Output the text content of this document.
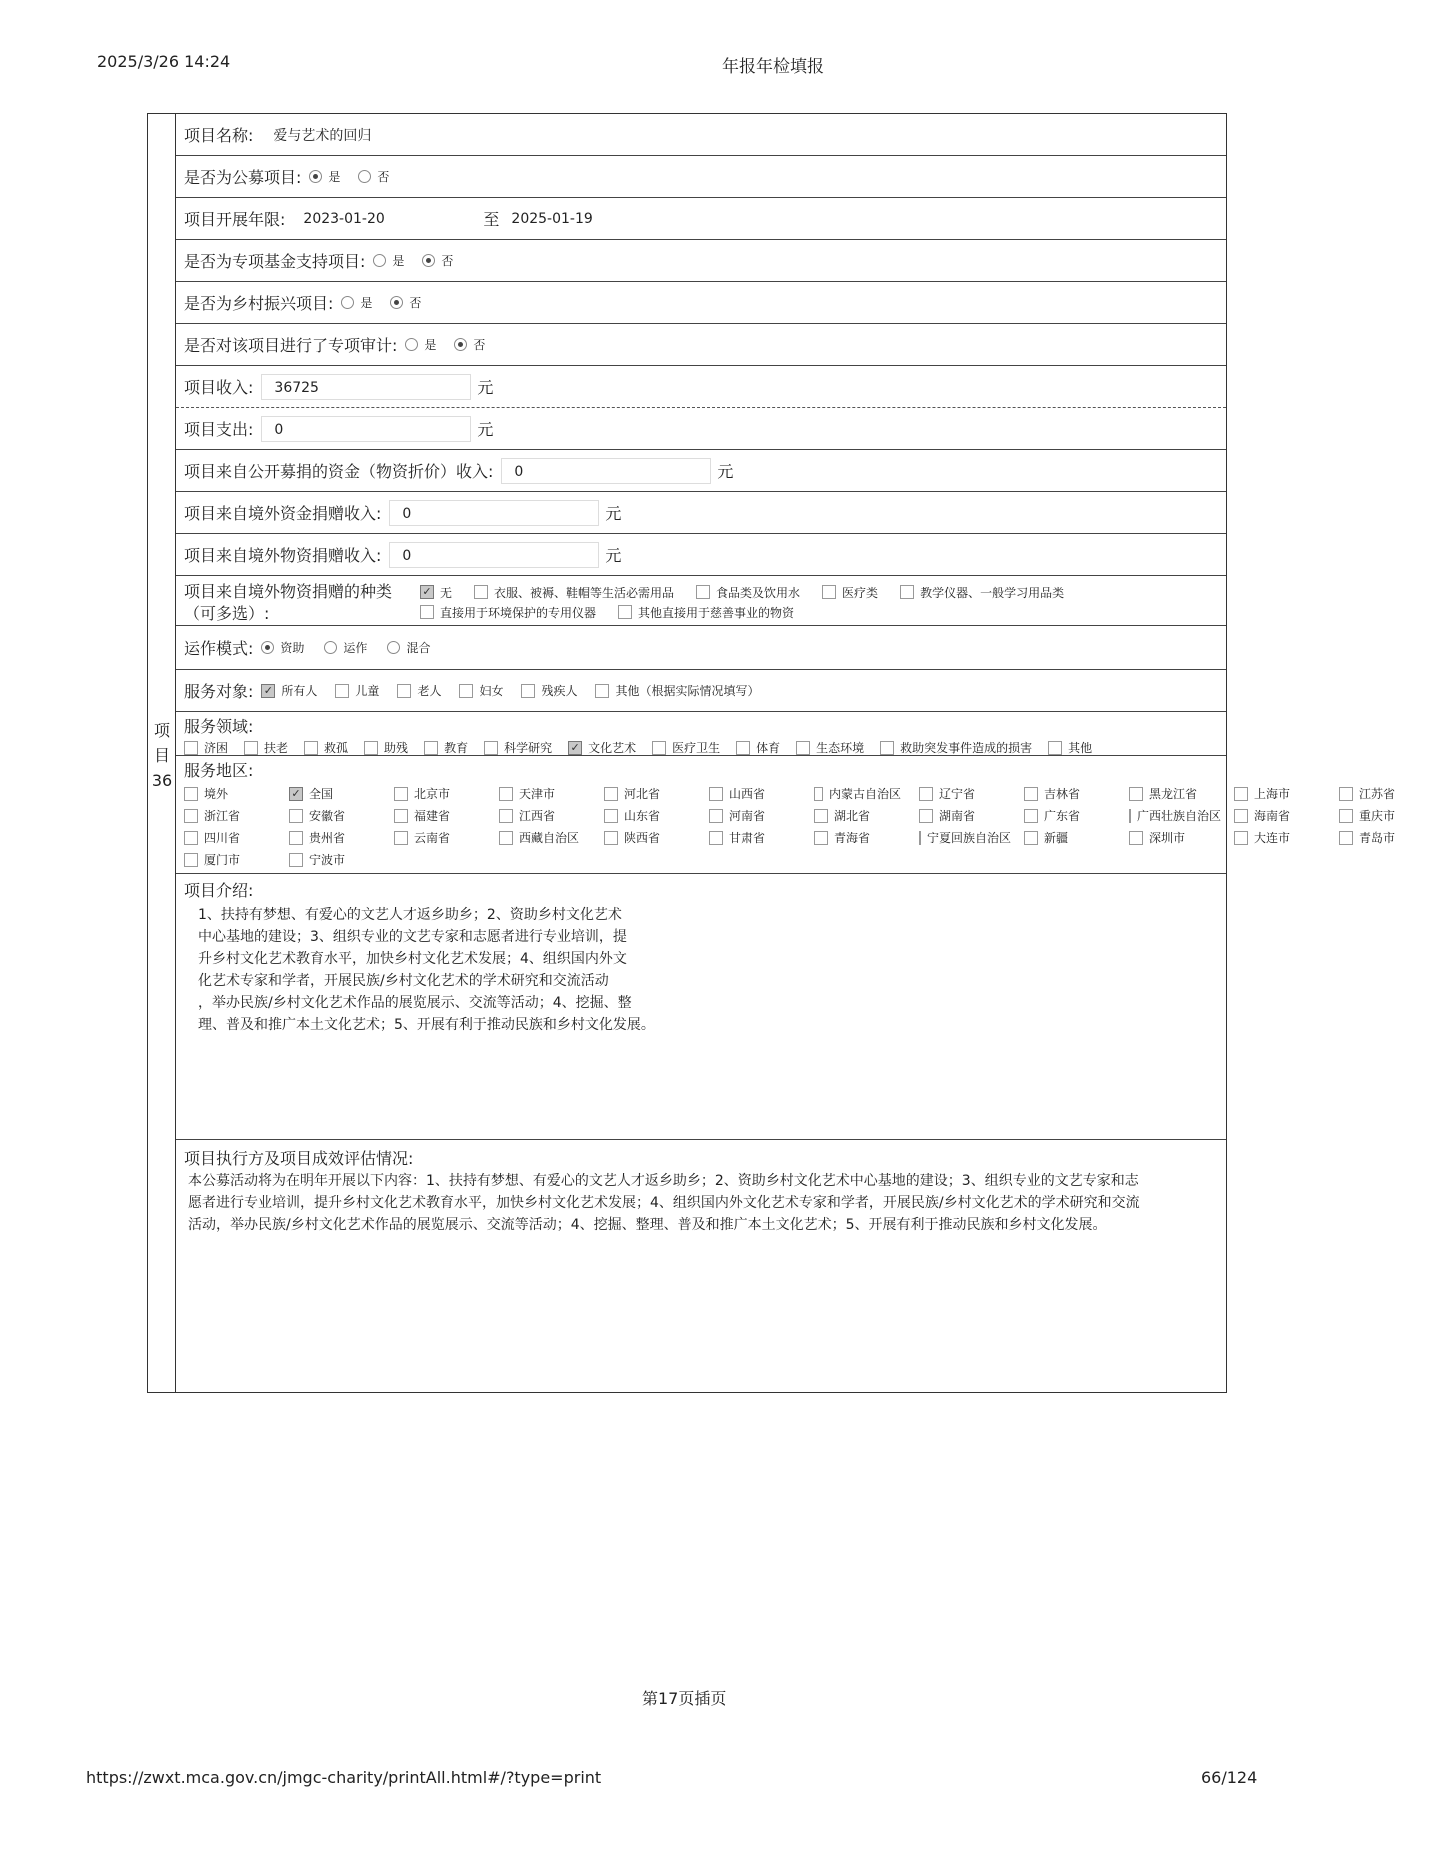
2025/3/26 14:24	年报年检填报
项
目
36
项目名称: 爱与艺术的回归
是否为公募项目: 是	否
项目开展年限: 2023-01-20	至 2025-01-19
是否为专项基金支持项目: 是	否
是否为乡村振兴项目: 是	否
是否对该项目进行了专项审计: 是	否
项目收入:	36725	元
项目支出:	0	元
项目来自公开募捐的资金（物资折价）收入:	0	元
项目来自境外资金捐赠收入:	0	元
项目来自境外物资捐赠收入:	0	元
项目来自境外物资捐赠的种类
（可多选）:
✓ 无	衣服、被褥、鞋帽等生活必需用品	食品类及饮用水	医疗类	教学仪器、一般学习用品类
直接用于环境保护的专用仪器	其他直接用于慈善事业的物资
运作模式: 资助	运作	混合
服务对象: ✓ 所有人	儿童	老人	妇女	残疾人	其他（根据实际情况填写）
服务领域:
济困	扶老	救孤	助残	教育	科学研究 ✓ 文化艺术	医疗卫生	体育	生态环境	救助突发事件造成的损害	其他
服务地区:
境外	✓ 全国	北京市	天津市	河北省	山西省	内蒙古自治区	辽宁省	吉林省	黑龙江省	上海市	江苏省
浙江省	安徽省	福建省	江西省	山东省	河南省	湖北省	湖南省	广东省	广西壮族自治区	海南省	重庆市
四川省	贵州省	云南省	西藏自治区	陕西省	甘肃省	青海省	宁夏回族自治区	新疆	深圳市	大连市	青岛市
厦门市	宁波市
项目介绍:
1、扶持有梦想、有爱心的文艺人才返乡助乡；2、资助乡村文化艺术
中心基地的建设；3、组织专业的文艺专家和志愿者进行专业培训，提
升乡村文化艺术教育水平，加快乡村文化艺术发展；4、组织国内外文
化艺术专家和学者，开展民族/乡村文化艺术的学术研究和交流活动
，举办民族/乡村文化艺术作品的展览展示、交流等活动；4、挖掘、整
理、普及和推广本土文化艺术；5、开展有利于推动民族和乡村文化发展。
项目执行方及项目成效评估情况:
本公募活动将为在明年开展以下内容：1、扶持有梦想、有爱心的文艺人才返乡助乡；2、资助乡村文化艺术中心基地的建设；3、组织专业的文艺专家和志
愿者进行专业培训，提升乡村文化艺术教育水平，加快乡村文化艺术发展；4、组织国内外文化艺术专家和学者，开展民族/乡村文化艺术的学术研究和交流
活动，举办民族/乡村文化艺术作品的展览展示、交流等活动；4、挖掘、整理、普及和推广本土文化艺术；5、开展有利于推动民族和乡村文化发展。
第17页插页
https://zwxt.mca.gov.cn/jmgc-charity/printAll.html#/?type=print	66/124
